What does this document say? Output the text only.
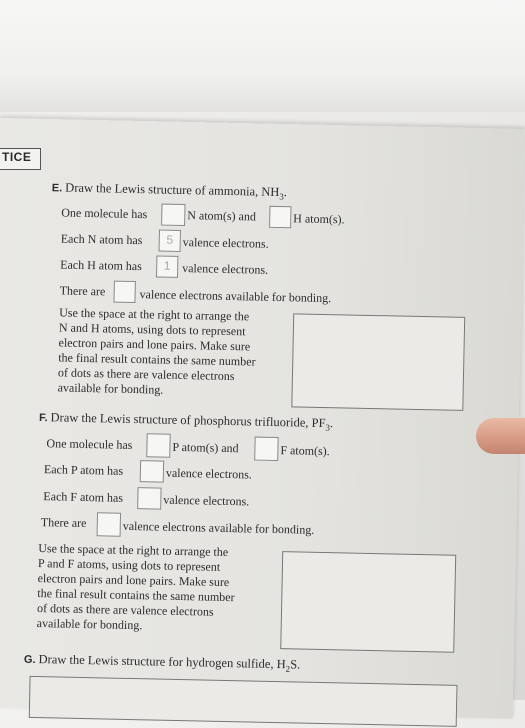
TICE
E. Draw the Lewis structure of ammonia, $NH_3$.
One molecule has	N atom(s) and	H atom(s).
Each N atom has	5 valence electrons.
Each H atom has	1 valence electrons.
There are	valence electrons available for bonding.
Use the space at the right to arrange the
N and H atoms, using dots to represent
electron pairs and lone pairs. Make sure
the final result contains the same number
of dots as there are valence electrons
available for bonding.
F. Draw the Lewis structure of phosphorus trifluoride, $PF_3$.
One molecule has	P atom(s) and	F atom(s).
Each P atom has	valence electrons.
Each F atom has	valence electrons.
There are	valence electrons available for bonding.
Use the space at the right to arrange the
P and F atoms, using dots to represent
electron pairs and lone pairs. Make sure
the final result contains the same number
of dots as there are valence electrons
available for bonding.
G. Draw the Lewis structure for hydrogen sulfide, $H_2S$.
